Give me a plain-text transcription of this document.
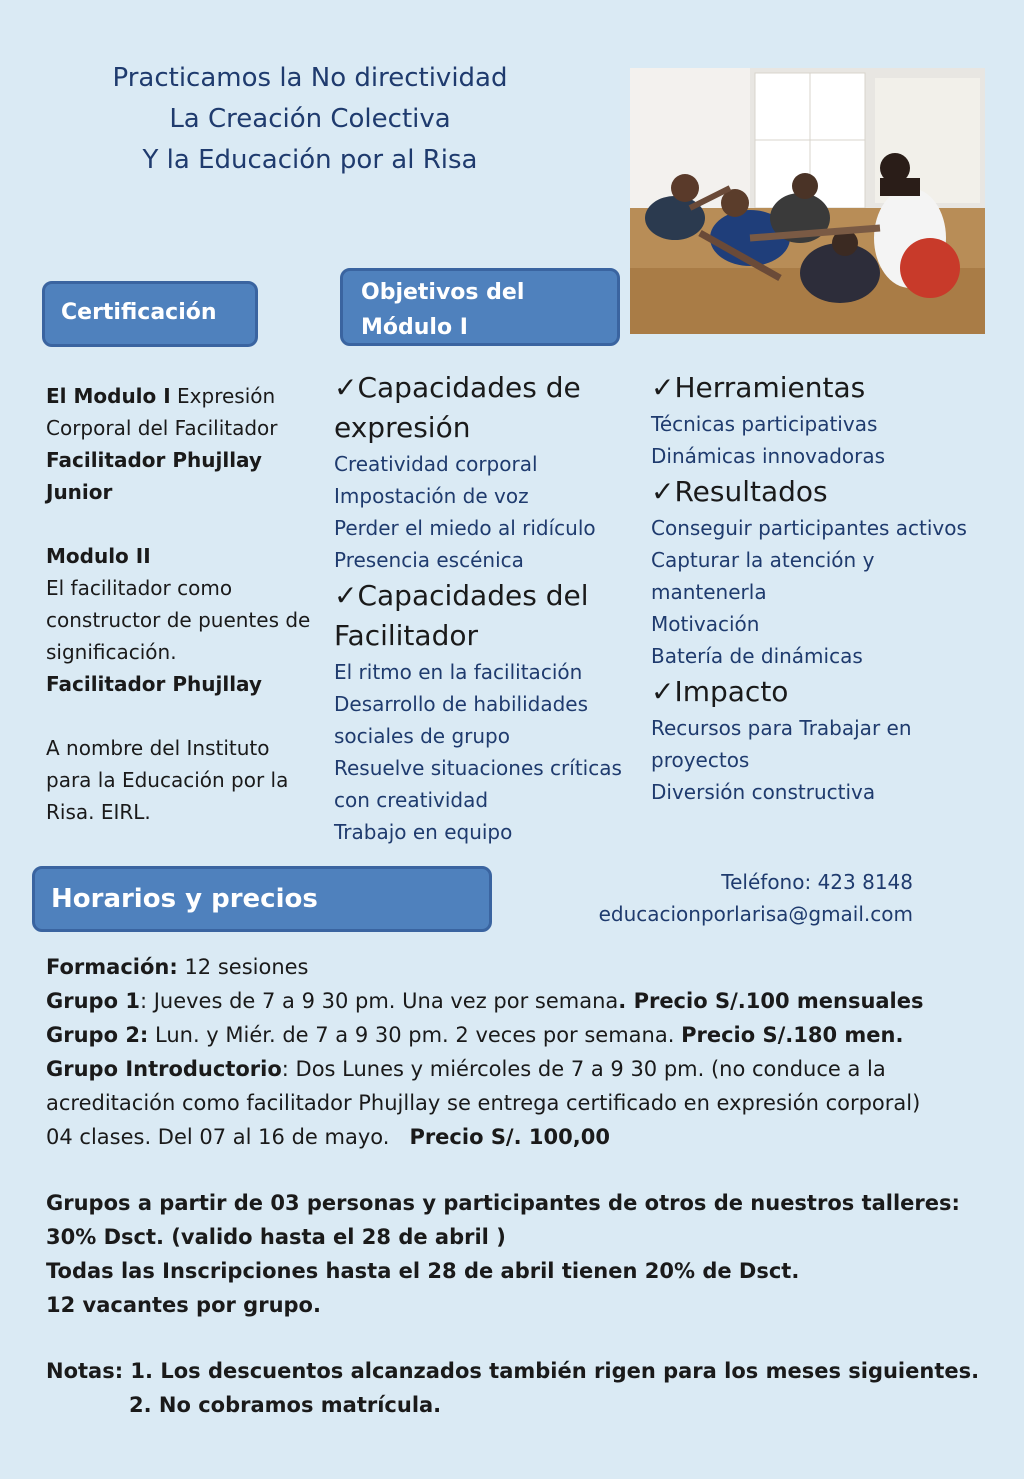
Practicamos la No directividad
La Creación Colectiva
Y la Educación por al Risa
Certificación
Objetivos del
Módulo I
El Modulo I Expresión Corporal del Facilitador
Facilitador Phujllay Junior
Modulo II
El facilitador como constructor de puentes de significación.
Facilitador Phujllay
A nombre del Instituto para la Educación por la Risa. EIRL.
✓Capacidades de expresión
Creatividad corporal
Impostación de voz
Perder el miedo al ridículo
Presencia escénica
✓Capacidades del Facilitador
El ritmo en la facilitación
Desarrollo de habilidades sociales de grupo
Resuelve situaciones críticas con creatividad
Trabajo en equipo
✓Herramientas
Técnicas participativas
Dinámicas innovadoras
✓Resultados
Conseguir participantes activos
Capturar la atención y mantenerla
Motivación
Batería de dinámicas
✓Impacto
Recursos para Trabajar en proyectos
Diversión constructiva
Horarios y precios
Teléfono: 423 8148
educacionporlarisa@gmail.com
Formación: 12 sesiones
Grupo 1: Jueves de 7 a 9 30 pm. Una vez por semana. Precio S/.100 mensuales
Grupo 2: Lun. y Miér. de 7 a 9 30 pm. 2 veces por semana. Precio S/.180 men.
Grupo Introductorio: Dos Lunes y miércoles de 7 a 9 30 pm. (no conduce a la acreditación como facilitador Phujllay se entrega certificado en expresión corporal)
04 clases. Del 07 al 16 de mayo.   Precio S/. 100,00
Grupos a partir de 03 personas y participantes de otros de nuestros talleres: 30% Dsct. (valido hasta el 28 de abril )
Todas las Inscripciones hasta el 28 de abril tienen 20% de Dsct.
12 vacantes por grupo.
Notas: 1. Los descuentos alcanzados también rigen para los meses siguientes.
2. No cobramos matrícula.
